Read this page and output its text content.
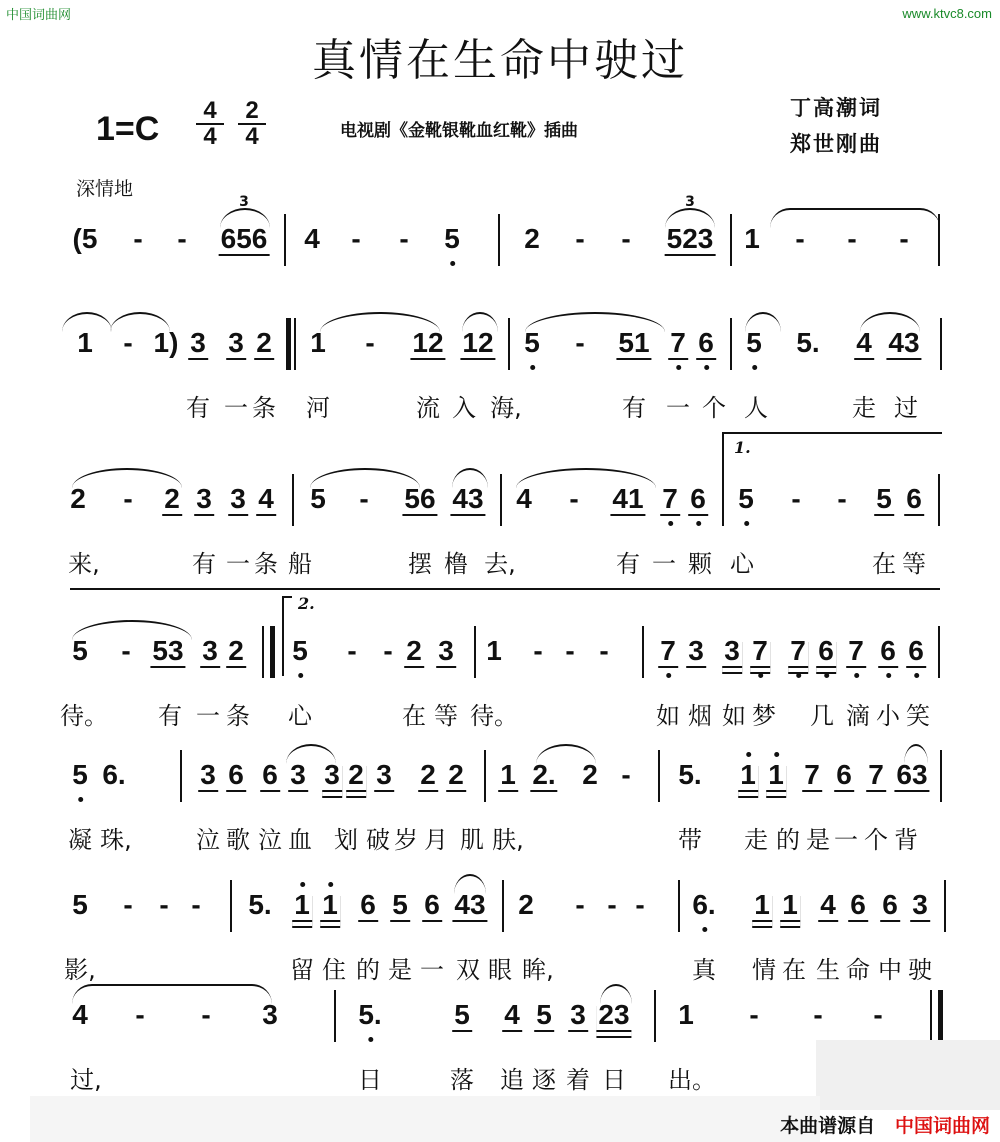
中国词曲网	www.ktvc8.com
真情在生命中驶过
1=C	4
4
2
4	电视剧《金靴银靴血红靴》插曲
丁高潮词
郑世刚曲
深情地
3	3
(5 - - 656 4 - - 5 2 - - 523 1 - - -
1 - 1) 3 3 2 1 - 12 12 5 - 51 7 6 5 5. 4 43
有 一 条 河	流 入 海,	有 一 个 人	走 过
1.
2 - 2 3 3 4 5 - 56 43 4 - 41 7 6 5 - - 5 6
来,	有 一 条 船	摆 橹 去,	有 一 颗 心	在 等
2.
5 - 53 3 2 5 - - 2 3 1 - - - 7 3 3 7 7 6 7 6 6
待。 有 一 条 心	在 等 待。	如 烟 如 梦 几 滴 小 笑
5 6.	3 6 6 3 3 2 3 2 2 1 2. 2 - 5. 1 1 7 6 7 63
凝 珠,	泣 歌 泣 血 划 破 岁 月 肌 肤,	带 走 的 是 一 个 背
5 - - - 5. 1 1 6 5 6 43 2 - - - 6. 1 1 4 6 6 3
影,	留 住 的 是 一 双 眼 眸,	真 情 在 生 命 中 驶
4 - - 3	5.	5 4 5 3 23 1 - - -
过,	日	落 追 逐 着 日 出。
本曲谱源自 中国词曲网
